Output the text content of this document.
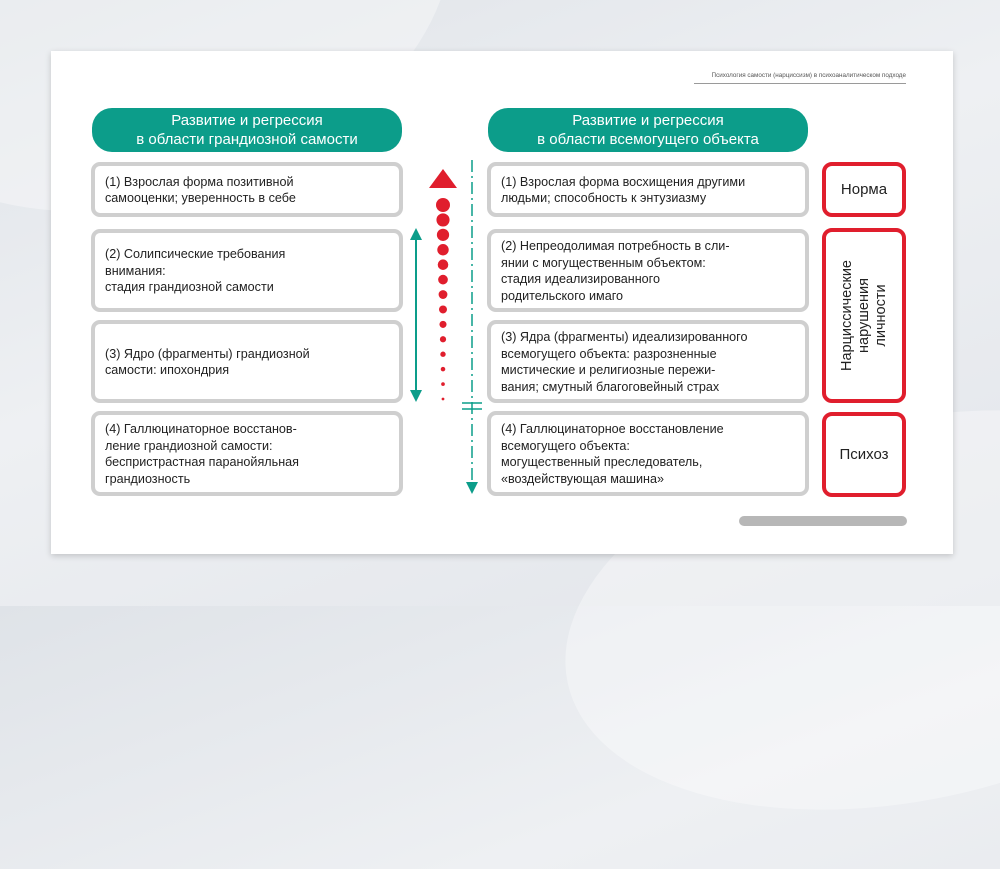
Психология самости (нарциссизм) в психоаналитическом подходе
Развитие и регрессия
в области грандиозной самости
Развитие и регрессия
в области всемогущего объекта
(1) Взрослая форма позитивной
самооценки; уверенность в себе
(2) Солипсические требования
внимания:
стадия грандиозной самости
(3) Ядро (фрагменты) грандиозной
самости: ипохондрия
(4) Галлюцинаторное восстанов-
ление грандиозной самости:
беспристрастная паранойяльная
грандиозность
(1) Взрослая форма восхищения другими
людьми; способность к энтузиазму
(2) Непреодолимая потребность в сли-
янии с могущественным объектом:
стадия идеализированного
родительского имаго
(3) Ядра (фрагменты) идеализированного
всемогущего объекта: разрозненные
мистические и религиозные пережи-
вания; смутный благоговейный страх
(4) Галлюцинаторное восстановление
всемогущего объекта:
могущественный преследователь,
«воздействующая машина»
Норма
Нарциссические нарушения личности
Психоз
